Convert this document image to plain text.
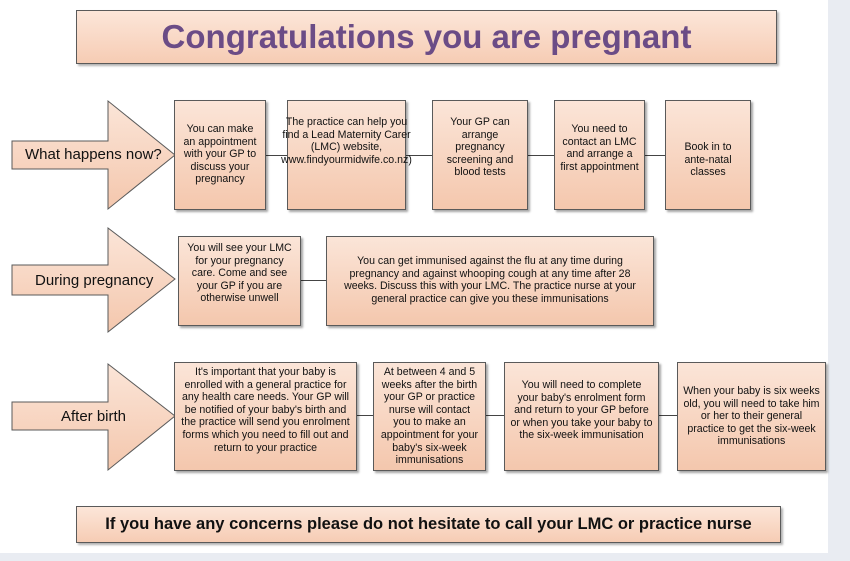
Congratulations you are pregnant
What happens now?
You can make an appointment with your GP to discuss your pregnancy
The practice can help you find a Lead Maternity Carer (LMC) website, www.findyourmidwife.co.nz)
Your GP can arrange pregnancy screening and blood tests
You need to contact an LMC and arrange a first appointment
Book in to ante-natal classes
During pregnancy
You will see your LMC for your pregnancy care. Come and see your GP if you are otherwise unwell
You can get immunised against the flu at any time during pregnancy and against whooping cough at any time after 28 weeks. Discuss this with your LMC. The practice nurse at your general practice can give you these immunisations
After birth
It's important that your baby is enrolled with a general practice for any health care needs. Your GP will be notified of your baby's birth and the practice will send you enrolment forms which you need to fill out and return to your practice
At between 4 and 5 weeks after the birth your GP or practice nurse will contact you to make an appointment for your baby's six-week immunisations
You will need to complete your baby's enrolment form and return to your GP before or when you take your baby to the six-week immunisation
When your baby is six weeks old, you will need to take him or her to their general practice to get the six-week immunisations
If you have any concerns please do not hesitate to call your LMC or practice nurse
